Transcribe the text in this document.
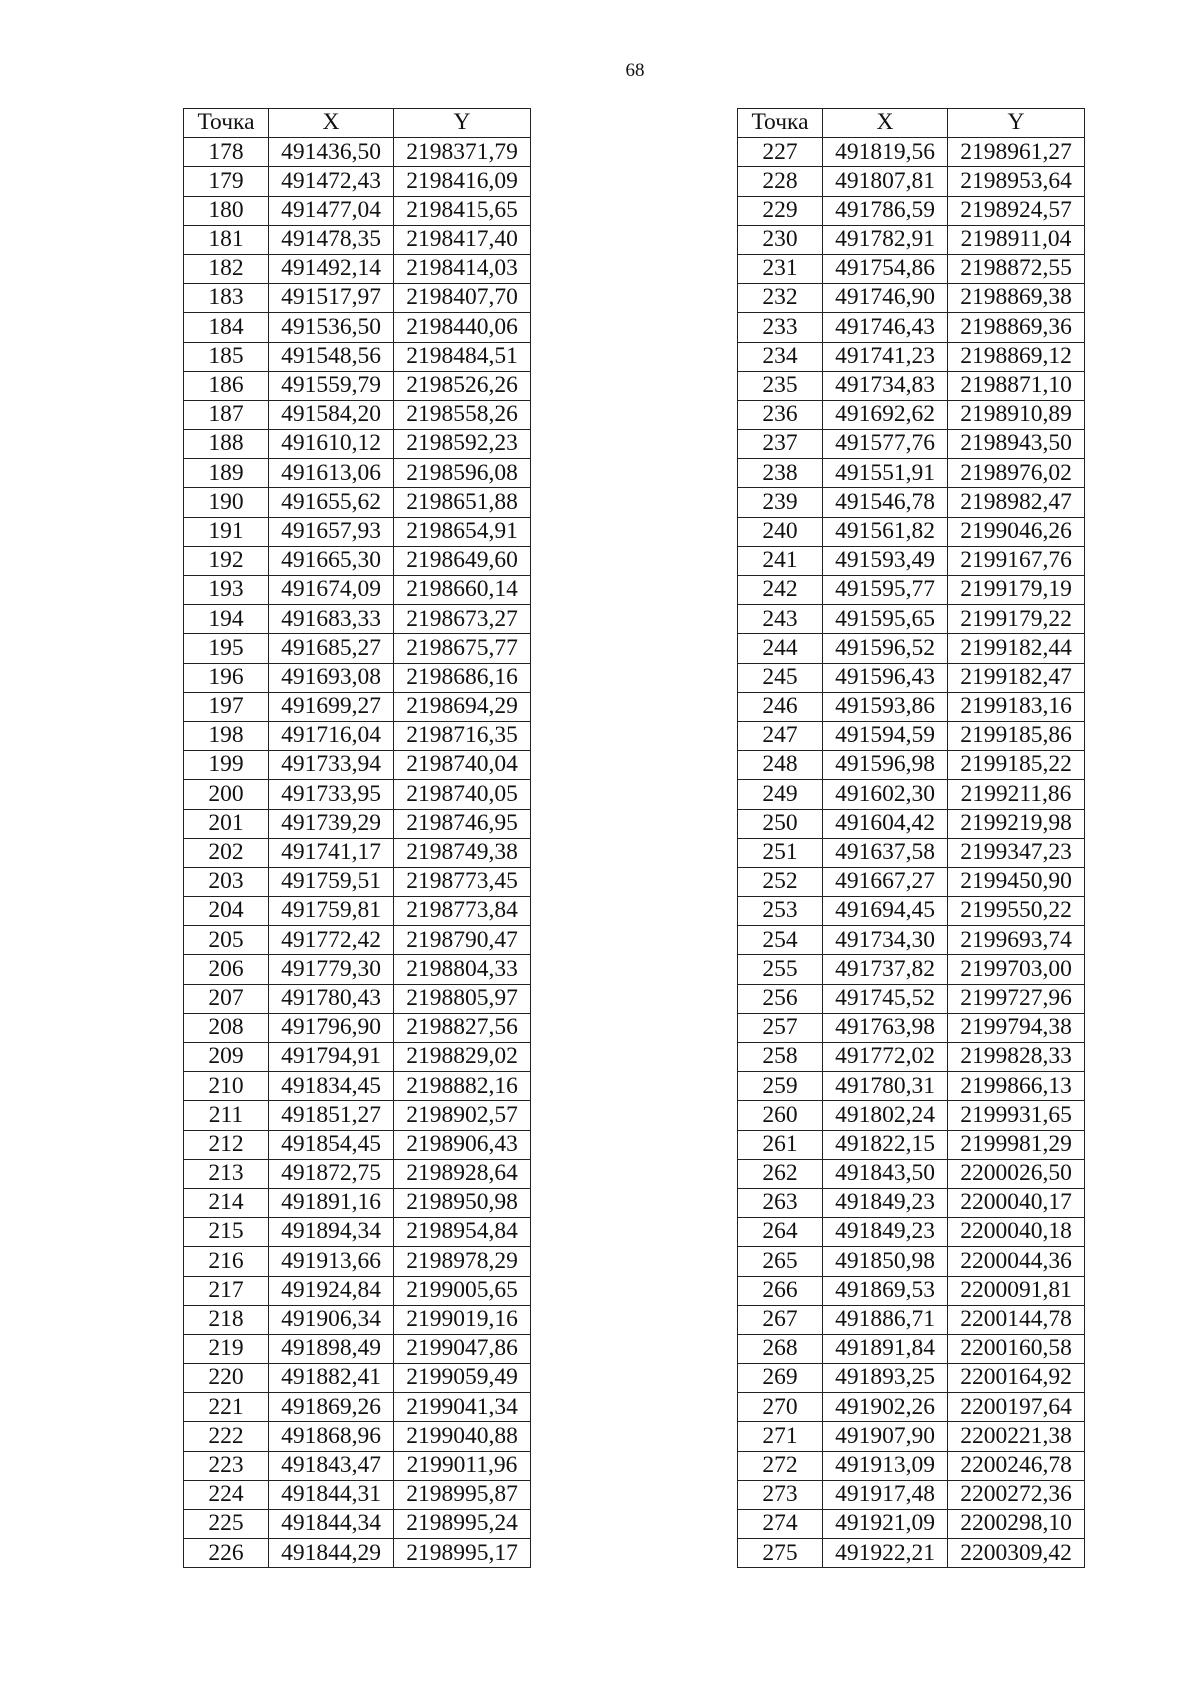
68
Точка	X	Y
178	491436,50	2198371,79
179	491472,43	2198416,09
180	491477,04	2198415,65
181	491478,35	2198417,40
182	491492,14	2198414,03
183	491517,97	2198407,70
184	491536,50	2198440,06
185	491548,56	2198484,51
186	491559,79	2198526,26
187	491584,20	2198558,26
188	491610,12	2198592,23
189	491613,06	2198596,08
190	491655,62	2198651,88
191	491657,93	2198654,91
192	491665,30	2198649,60
193	491674,09	2198660,14
194	491683,33	2198673,27
195	491685,27	2198675,77
196	491693,08	2198686,16
197	491699,27	2198694,29
198	491716,04	2198716,35
199	491733,94	2198740,04
200	491733,95	2198740,05
201	491739,29	2198746,95
202	491741,17	2198749,38
203	491759,51	2198773,45
204	491759,81	2198773,84
205	491772,42	2198790,47
206	491779,30	2198804,33
207	491780,43	2198805,97
208	491796,90	2198827,56
209	491794,91	2198829,02
210	491834,45	2198882,16
211	491851,27	2198902,57
212	491854,45	2198906,43
213	491872,75	2198928,64
214	491891,16	2198950,98
215	491894,34	2198954,84
216	491913,66	2198978,29
217	491924,84	2199005,65
218	491906,34	2199019,16
219	491898,49	2199047,86
220	491882,41	2199059,49
221	491869,26	2199041,34
222	491868,96	2199040,88
223	491843,47	2199011,96
224	491844,31	2198995,87
225	491844,34	2198995,24
226	491844,29	2198995,17
Точка	X	Y
227	491819,56	2198961,27
228	491807,81	2198953,64
229	491786,59	2198924,57
230	491782,91	2198911,04
231	491754,86	2198872,55
232	491746,90	2198869,38
233	491746,43	2198869,36
234	491741,23	2198869,12
235	491734,83	2198871,10
236	491692,62	2198910,89
237	491577,76	2198943,50
238	491551,91	2198976,02
239	491546,78	2198982,47
240	491561,82	2199046,26
241	491593,49	2199167,76
242	491595,77	2199179,19
243	491595,65	2199179,22
244	491596,52	2199182,44
245	491596,43	2199182,47
246	491593,86	2199183,16
247	491594,59	2199185,86
248	491596,98	2199185,22
249	491602,30	2199211,86
250	491604,42	2199219,98
251	491637,58	2199347,23
252	491667,27	2199450,90
253	491694,45	2199550,22
254	491734,30	2199693,74
255	491737,82	2199703,00
256	491745,52	2199727,96
257	491763,98	2199794,38
258	491772,02	2199828,33
259	491780,31	2199866,13
260	491802,24	2199931,65
261	491822,15	2199981,29
262	491843,50	2200026,50
263	491849,23	2200040,17
264	491849,23	2200040,18
265	491850,98	2200044,36
266	491869,53	2200091,81
267	491886,71	2200144,78
268	491891,84	2200160,58
269	491893,25	2200164,92
270	491902,26	2200197,64
271	491907,90	2200221,38
272	491913,09	2200246,78
273	491917,48	2200272,36
274	491921,09	2200298,10
275	491922,21	2200309,42
